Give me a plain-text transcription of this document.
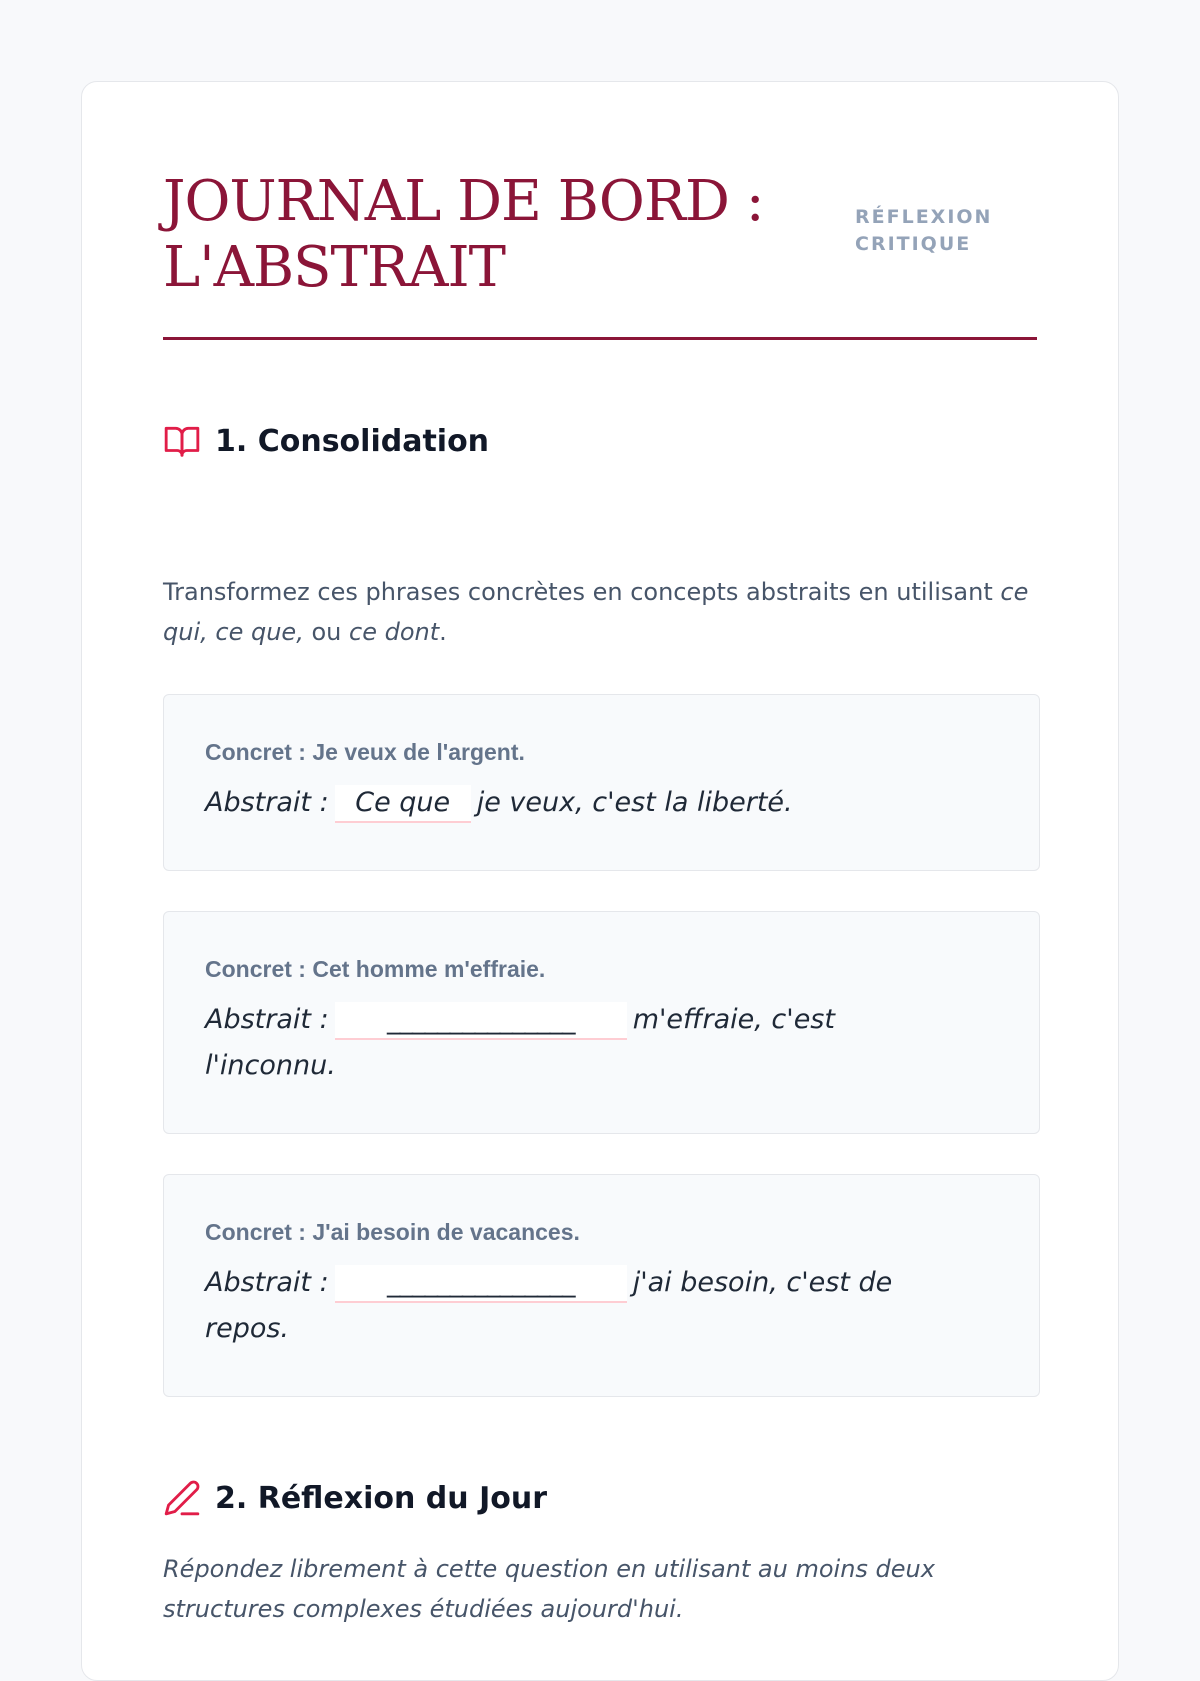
JOURNAL DE BORD : L'ABSTRAIT
RÉFLEXION CRITIQUE
1. Consolidation

Transformez ces phrases concrètes en concepts abstraits en utilisant ce qui, ce que, ou ce dont.

Concret : Je veux de l'argent.

Abstrait : Ce que je veux, c'est la liberté.

Concret : Cet homme m'effraie.

Abstrait : _______________ m'effraie, c'est l'inconnu.

Concret : J'ai besoin de vacances.

Abstrait : _______________ j'ai besoin, c'est de repos.

2. Réflexion du Jour

Répondez librement à cette question en utilisant au moins deux structures complexes étudiées aujourd'hui.
